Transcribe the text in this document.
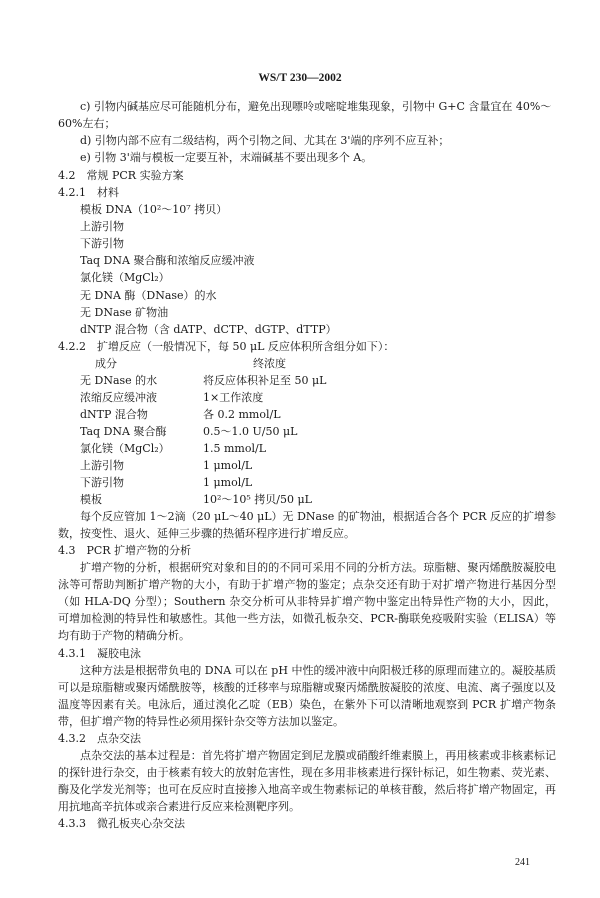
WS/T 230—2002

c) 引物内碱基应尽可能随机分布，避免出现嘌呤或嘧啶堆集现象，引物中 G+C 含量宜在 40%～

60%左右；

d) 引物内部不应有二级结构，两个引物之间、尤其在 3'端的序列不应互补；

e) 引物 3'端与模板一定要互补，末端碱基不要出现多个 A。

4.2　常规 PCR 实验方案

4.2.1　材料

模板 DNA（10²～10⁷ 拷贝）

上游引物

下游引物

Taq DNA 聚合酶和浓缩反应缓冲液

氯化镁（MgCl₂）

无 DNA 酶（DNase）的水

无 DNase 矿物油

dNTP 混合物（含 dATP、dCTP、dGTP、dTTP）

4.2.2　扩增反应（一般情况下，每 50 μL 反应体积所含组分如下）：

成分	终浓度
无 DNase 的水	将反应体积补足至 50 μL
浓缩反应缓冲液	1×工作浓度
dNTP 混合物	各 0.2 mmol/L
Taq DNA 聚合酶	0.5～1.0 U/50 μL
氯化镁（MgCl₂）	1.5 mmol/L
上游引物	1 μmol/L
下游引物	1 μmol/L
模板	10²～10⁵ 拷贝/50 μL

每个反应管加 1～2滴（20 μL～40 μL）无 DNase 的矿物油，根据适合各个 PCR 反应的扩增参数，按变性、退火、延伸三步骤的热循环程序进行扩增反应。

4.3　PCR 扩增产物的分析

扩增产物的分析，根据研究对象和目的的不同可采用不同的分析方法。琼脂糖、聚丙烯酰胺凝胶电泳等可帮助判断扩增产物的大小，有助于扩增产物的鉴定；点杂交还有助于对扩增产物进行基因分型（如 HLA-DQ 分型）；Southern 杂交分析可从非特异扩增产物中鉴定出特异性产物的大小，因此，可增加检测的特异性和敏感性。其他一些方法，如微孔板杂交、PCR-酶联免疫吸附实验（ELISA）等均有助于产物的精确分析。

4.3.1　凝胶电泳

这种方法是根据带负电的 DNA 可以在 pH 中性的缓冲液中向阳极迁移的原理而建立的。凝胶基质可以是琼脂糖或聚丙烯酰胺等，核酸的迁移率与琼脂糖或聚丙烯酰胺凝胶的浓度、电流、离子强度以及温度等因素有关。电泳后，通过溴化乙啶（EB）染色，在紫外下可以清晰地观察到 PCR 扩增产物条带，但扩增产物的特异性必须用探针杂交等方法加以鉴定。

4.3.2　点杂交法

点杂交法的基本过程是：首先将扩增产物固定到尼龙膜或硝酸纤维素膜上，再用核素或非核素标记的探针进行杂交，由于核素有较大的放射危害性，现在多用非核素进行探针标记，如生物素、荧光素、酶及化学发光剂等；也可在反应时直接掺入地高辛或生物素标记的单核苷酸，然后将扩增产物固定，再用抗地高辛抗体或亲合素进行反应来检测靶序列。

4.3.3　微孔板夹心杂交法

241
